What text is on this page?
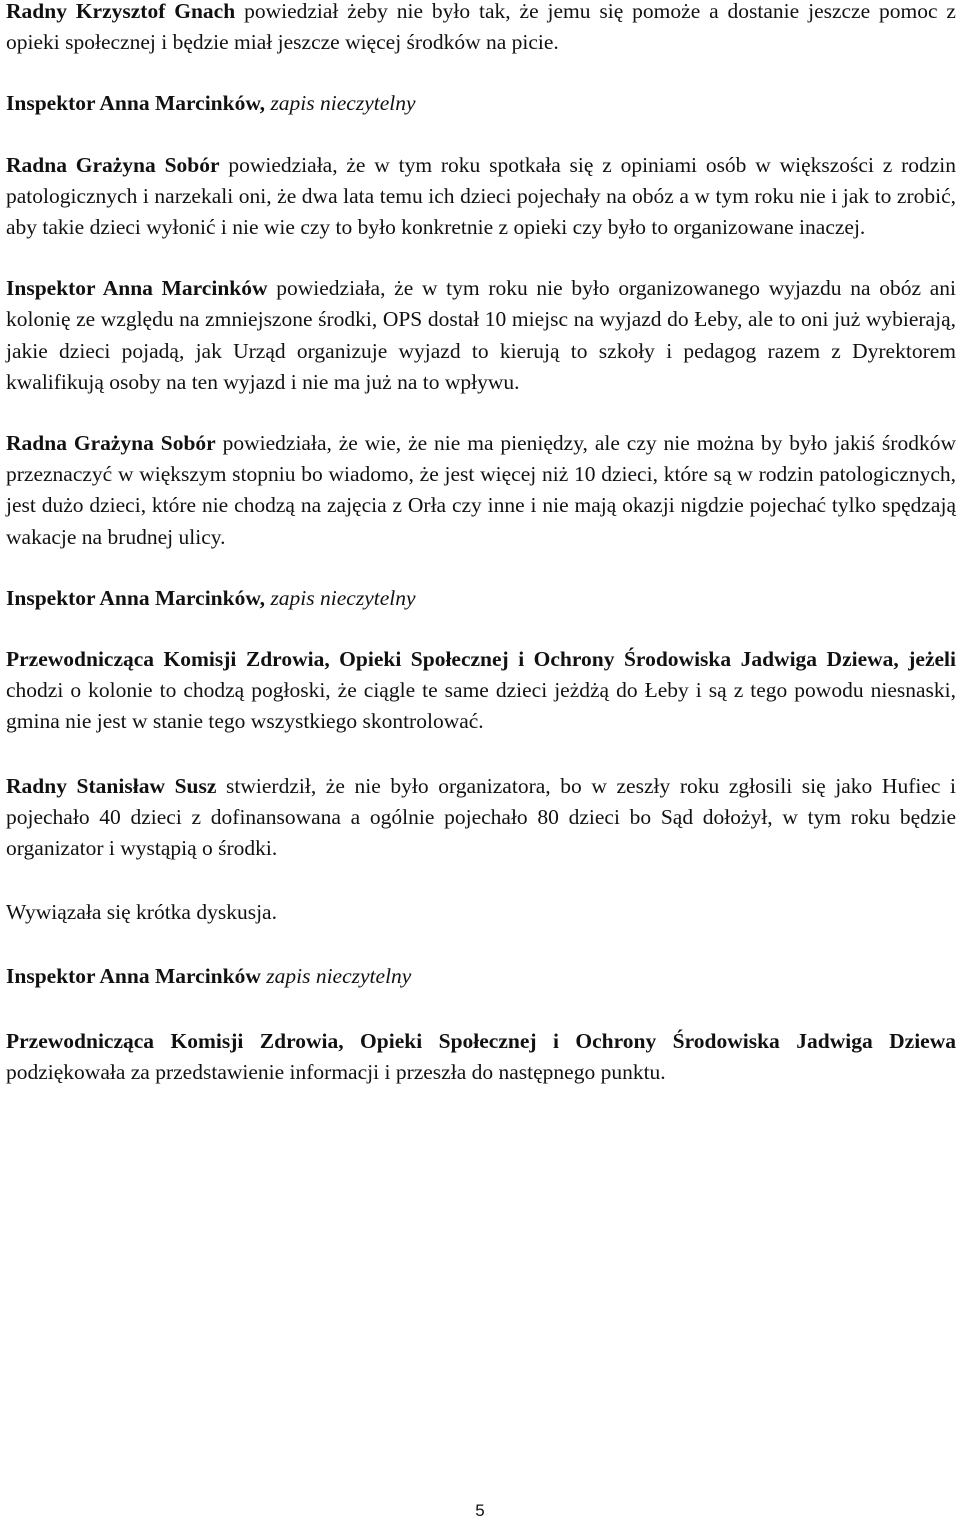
Radny Krzysztof Gnach powiedział żeby nie było tak, że jemu się pomoże a dostanie jeszcze pomoc z opieki społecznej i będzie miał jeszcze więcej środków na picie.

Inspektor Anna Marcinków, zapis nieczytelny

Radna Grażyna Sobór powiedziała, że w tym roku spotkała się z opiniami osób w większości z rodzin patologicznych i narzekali oni, że dwa lata temu ich dzieci pojechały na obóz a w tym roku nie i jak to zrobić, aby takie dzieci wyłonić i nie wie czy to było konkretnie z opieki czy było to organizowane inaczej.

Inspektor Anna Marcinków powiedziała, że w tym roku nie było organizowanego wyjazdu na obóz ani kolonię ze względu na zmniejszone środki, OPS dostał 10 miejsc na wyjazd do Łeby, ale to oni już wybierają, jakie dzieci pojadą, jak Urząd organizuje wyjazd to kierują to szkoły i pedagog razem z Dyrektorem kwalifikują osoby na ten wyjazd i nie ma już na to wpływu.

Radna Grażyna Sobór powiedziała, że wie, że nie ma pieniędzy, ale czy nie można by było jakiś środków przeznaczyć w większym stopniu bo wiadomo, że jest więcej niż 10 dzieci, które są w rodzin patologicznych, jest dużo dzieci, które nie chodzą na zajęcia z Orła czy inne i nie mają okazji nigdzie pojechać tylko spędzają wakacje na brudnej ulicy.

Inspektor Anna Marcinków, zapis nieczytelny

Przewodnicząca Komisji Zdrowia, Opieki Społecznej i Ochrony Środowiska Jadwiga Dziewa, jeżeli chodzi o kolonie to chodzą pogłoski, że ciągle te same dzieci jeżdżą do Łeby i są z tego powodu niesnaski, gmina nie jest w stanie tego wszystkiego skontrolować.

Radny Stanisław Susz stwierdził, że nie było organizatora, bo w zeszły roku zgłosili się jako Hufiec i pojechało 40 dzieci z dofinansowana a ogólnie pojechało 80 dzieci bo Sąd dołożył, w tym roku będzie organizator i wystąpią o środki.

Wywiązała się krótka dyskusja.

Inspektor Anna Marcinków zapis nieczytelny

Przewodnicząca Komisji Zdrowia, Opieki Społecznej i Ochrony Środowiska Jadwiga Dziewa podziękowała za przedstawienie informacji i przeszła do następnego punktu.

5
